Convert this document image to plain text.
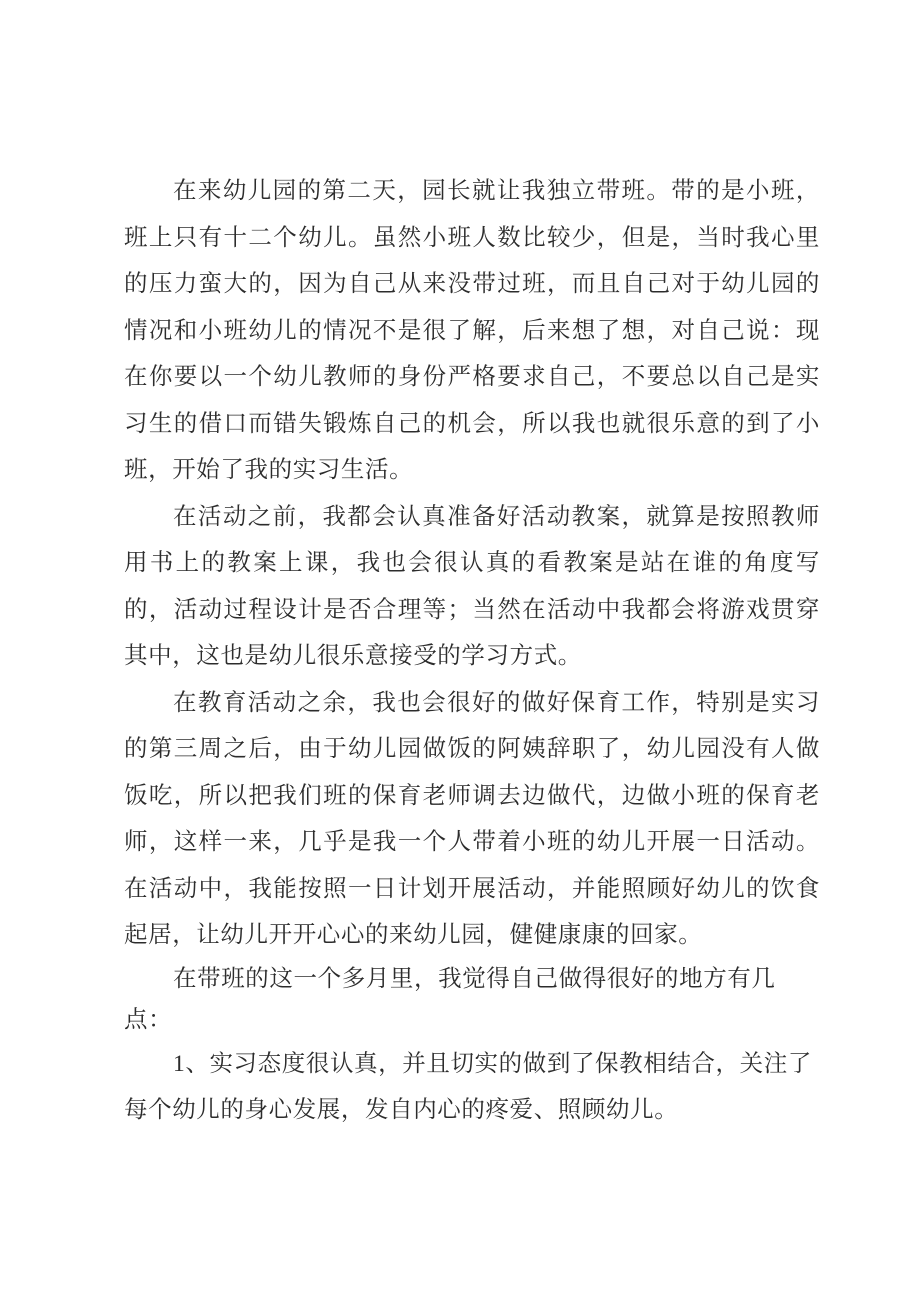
在来幼儿园的第二天，园长就让我独立带班。带的是小班，班上只有十二个幼儿。虽然小班人数比较少，但是，当时我心里的压力蛮大的，因为自己从来没带过班，而且自己对于幼儿园的情况和小班幼儿的情况不是很了解，后来想了想，对自己说：现在你要以一个幼儿教师的身份严格要求自己，不要总以自己是实习生的借口而错失锻炼自己的机会，所以我也就很乐意的到了小班，开始了我的实习生活。

在活动之前，我都会认真准备好活动教案，就算是按照教师用书上的教案上课，我也会很认真的看教案是站在谁的角度写的，活动过程设计是否合理等；当然在活动中我都会将游戏贯穿其中，这也是幼儿很乐意接受的学习方式。

在教育活动之余，我也会很好的做好保育工作，特别是实习的第三周之后，由于幼儿园做饭的阿姨辞职了，幼儿园没有人做饭吃，所以把我们班的保育老师调去边做代，边做小班的保育老师，这样一来，几乎是我一个人带着小班的幼儿开展一日活动。在活动中，我能按照一日计划开展活动，并能照顾好幼儿的饮食起居，让幼儿开开心心的来幼儿园，健健康康的回家。

在带班的这一个多月里，我觉得自己做得很好的地方有几点：

1、实习态度很认真，并且切实的做到了保教相结合，关注了每个幼儿的身心发展，发自内心的疼爱、照顾幼儿。
